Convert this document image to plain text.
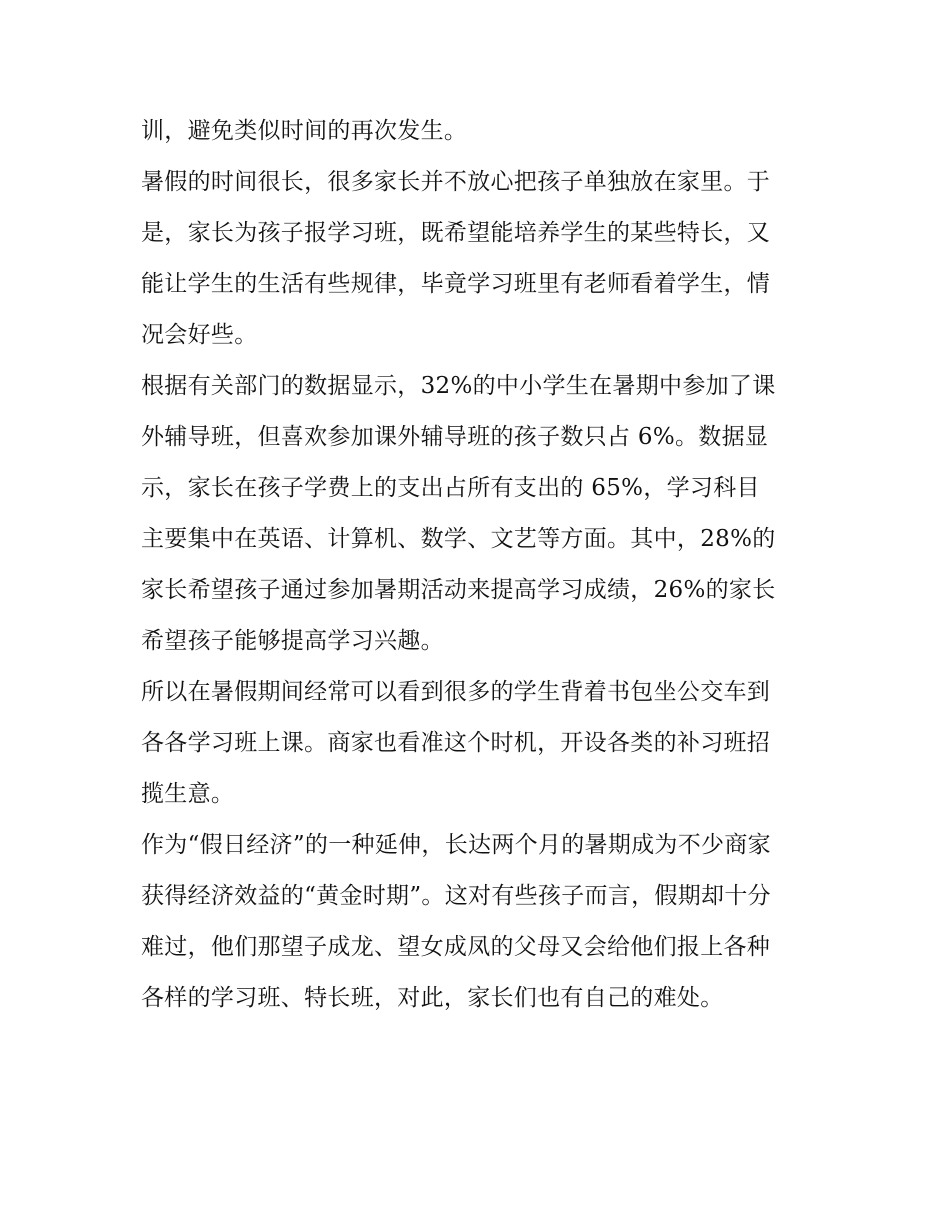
训，避免类似时间的再次发生。
暑假的时间很长，很多家长并不放心把孩子单独放在家里。于
是，家长为孩子报学习班，既希望能培养学生的某些特长，又
能让学生的生活有些规律，毕竟学习班里有老师看着学生，情
况会好些。
根据有关部门的数据显示，32%的中小学生在暑期中参加了课
外辅导班，但喜欢参加课外辅导班的孩子数只占 6%。数据显
示，家长在孩子学费上的支出占所有支出的 65%，学习科目
主要集中在英语、计算机、数学、文艺等方面。其中，28%的
家长希望孩子通过参加暑期活动来提高学习成绩，26%的家长
希望孩子能够提高学习兴趣。
所以在暑假期间经常可以看到很多的学生背着书包坐公交车到
各各学习班上课。商家也看准这个时机，开设各类的补习班招
揽生意。
作为“假日经济”的一种延伸，长达两个月的暑期成为不少商家
获得经济效益的“黄金时期”。这对有些孩子而言，假期却十分
难过，他们那望子成龙、望女成凤的父母又会给他们报上各种
各样的学习班、特长班，对此，家长们也有自己的难处。
